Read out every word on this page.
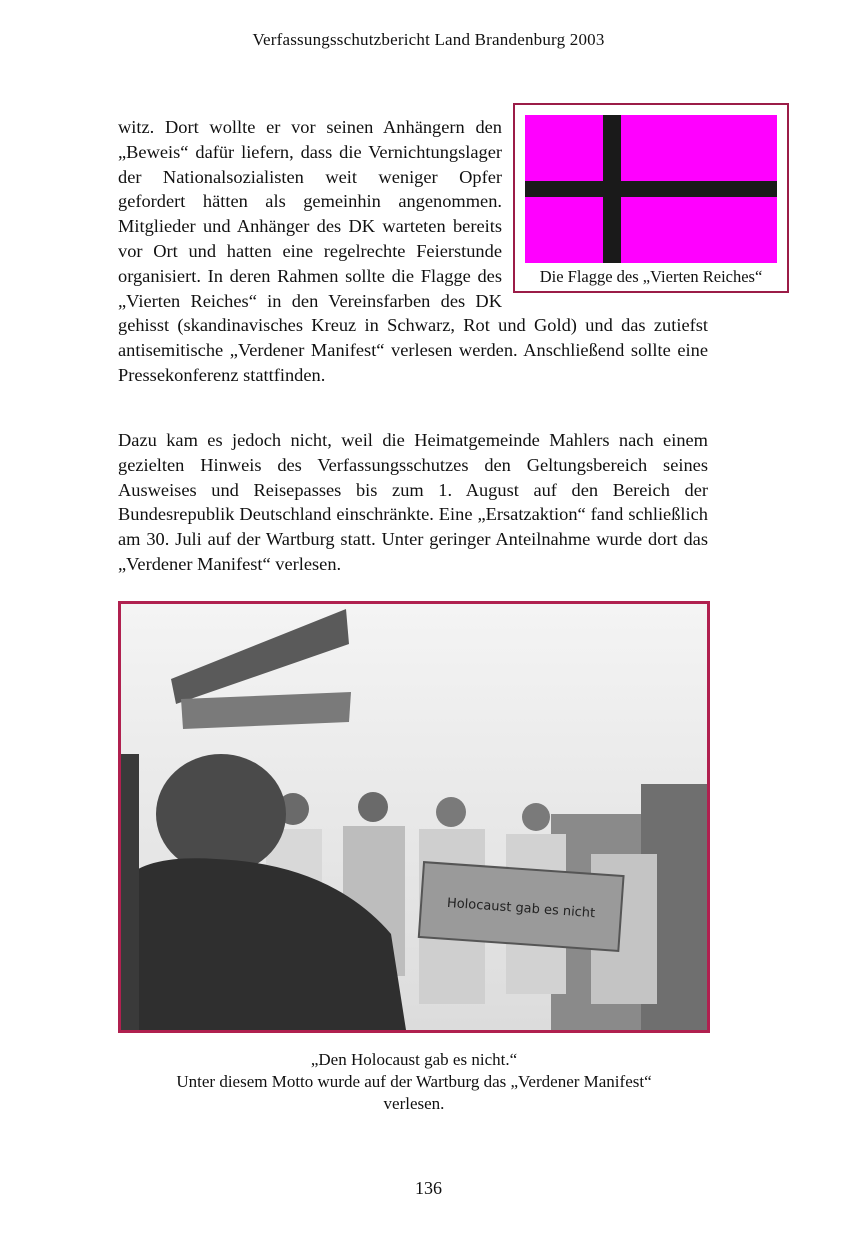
Verfassungsschutzbericht Land Brandenburg 2003
Die Flagge des „Vierten Reiches“

witz. Dort wollte er vor seinen Anhängern den „Beweis“ dafür liefern, dass die Vernichtungslager der Nationalsozialisten weit weniger Opfer gefordert hätten als gemeinhin angenommen. Mitglieder und Anhänger des DK warteten bereits vor Ort und hatten eine regelrechte Feierstunde organisiert. In deren Rahmen sollte die Flagge des „Vierten Reiches“ in den Vereinsfarben des DK gehisst (skandinavisches Kreuz in Schwarz, Rot und Gold) und das zutiefst antisemitische „Verdener Manifest“ verlesen werden. Anschließend sollte eine Pressekonferenz stattfinden.

Dazu kam es jedoch nicht, weil die Heimatgemeinde Mahlers nach einem gezielten Hinweis des Verfassungsschutzes den Geltungsbereich seines Ausweises und Reisepasses bis zum 1. August auf den Bereich der Bundesrepublik Deutschland einschränkte. Eine „Ersatzaktion“ fand schließlich am 30. Juli auf der Wartburg statt. Unter geringer Anteilnahme wurde dort das „Verdener Manifest“ verlesen.

Holocaust gab es nicht
„Den Holocaust gab es nicht.“
Unter diesem Motto wurde auf der Wartburg das „Verdener Manifest“
verlesen.
136
